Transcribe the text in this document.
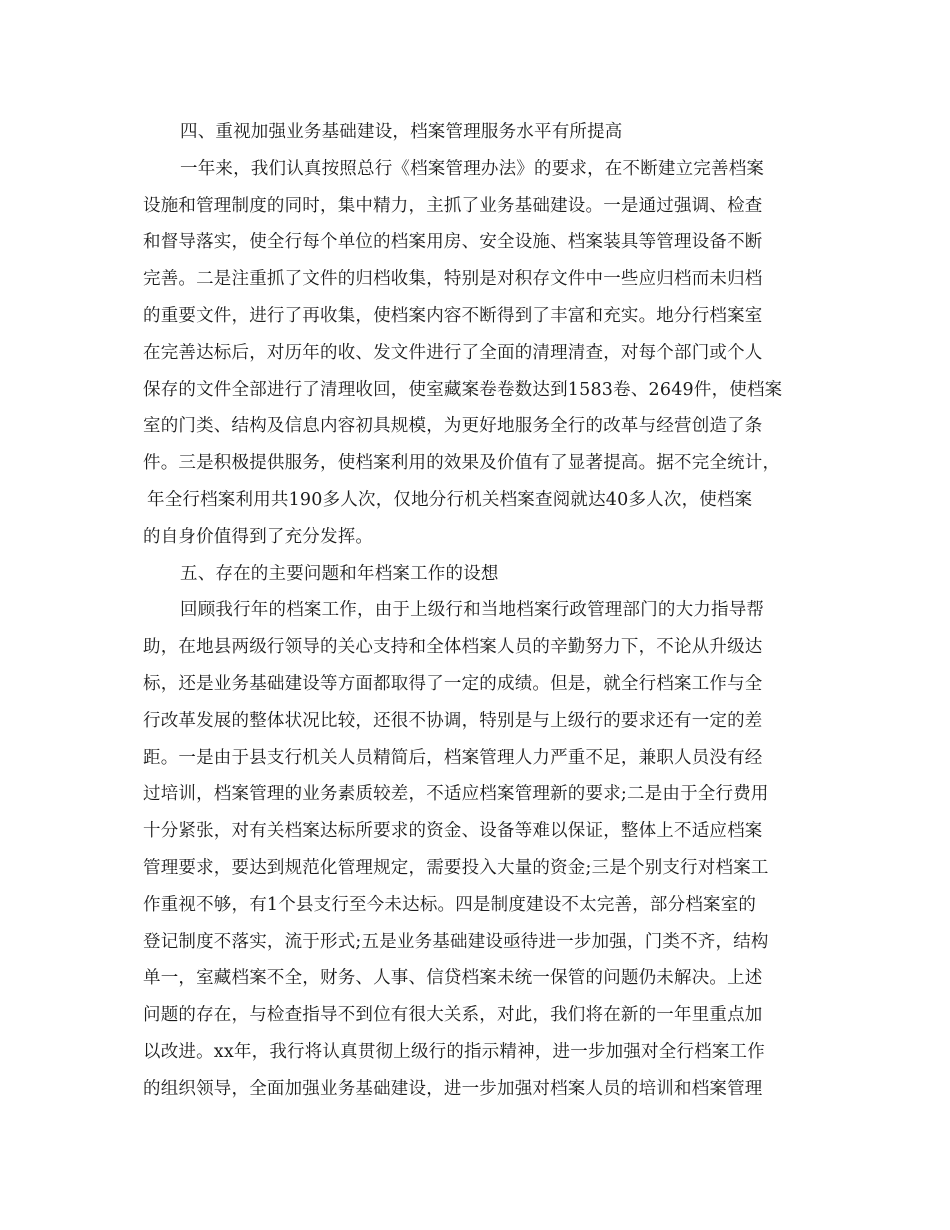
四、重视加强业务基础建设，档案管理服务水平有所提高
一年来，我们认真按照总行《档案管理办法》的要求，在不断建立完善档案
设施和管理制度的同时，集中精力，主抓了业务基础建设。一是通过强调、检查
和督导落实，使全行每个单位的档案用房、安全设施、档案装具等管理设备不断
完善。二是注重抓了文件的归档收集，特别是对积存文件中一些应归档而未归档
的重要文件，进行了再收集，使档案内容不断得到了丰富和充实。地分行档案室
在完善达标后，对历年的收、发文件进行了全面的清理清查，对每个部门或个人
保存的文件全部进行了清理收回，使室藏案卷卷数达到1583卷、2649件，使档案
室的门类、结构及信息内容初具规模，为更好地服务全行的改革与经营创造了条
件。三是积极提供服务，使档案利用的效果及价值有了显著提高。据不完全统计，
年全行档案利用共190多人次，仅地分行机关档案查阅就达40多人次，使档案
的自身价值得到了充分发挥。
五、存在的主要问题和年档案工作的设想
回顾我行年的档案工作，由于上级行和当地档案行政管理部门的大力指导帮
助，在地县两级行领导的关心支持和全体档案人员的辛勤努力下，不论从升级达
标，还是业务基础建设等方面都取得了一定的成绩。但是，就全行档案工作与全
行改革发展的整体状况比较，还很不协调，特别是与上级行的要求还有一定的差
距。一是由于县支行机关人员精简后，档案管理人力严重不足，兼职人员没有经
过培训，档案管理的业务素质较差，不适应档案管理新的要求;二是由于全行费用
十分紧张，对有关档案达标所要求的资金、设备等难以保证，整体上不适应档案
管理要求，要达到规范化管理规定，需要投入大量的资金;三是个别支行对档案工
作重视不够，有1个县支行至今未达标。四是制度建设不太完善，部分档案室的
登记制度不落实，流于形式;五是业务基础建设亟待进一步加强，门类不齐，结构
单一，室藏档案不全，财务、人事、信贷档案未统一保管的问题仍未解决。上述
问题的存在，与检查指导不到位有很大关系，对此，我们将在新的一年里重点加
以改进。xx年，我行将认真贯彻上级行的指示精神，进一步加强对全行档案工作
的组织领导，全面加强业务基础建设，进一步加强对档案人员的培训和档案管理
